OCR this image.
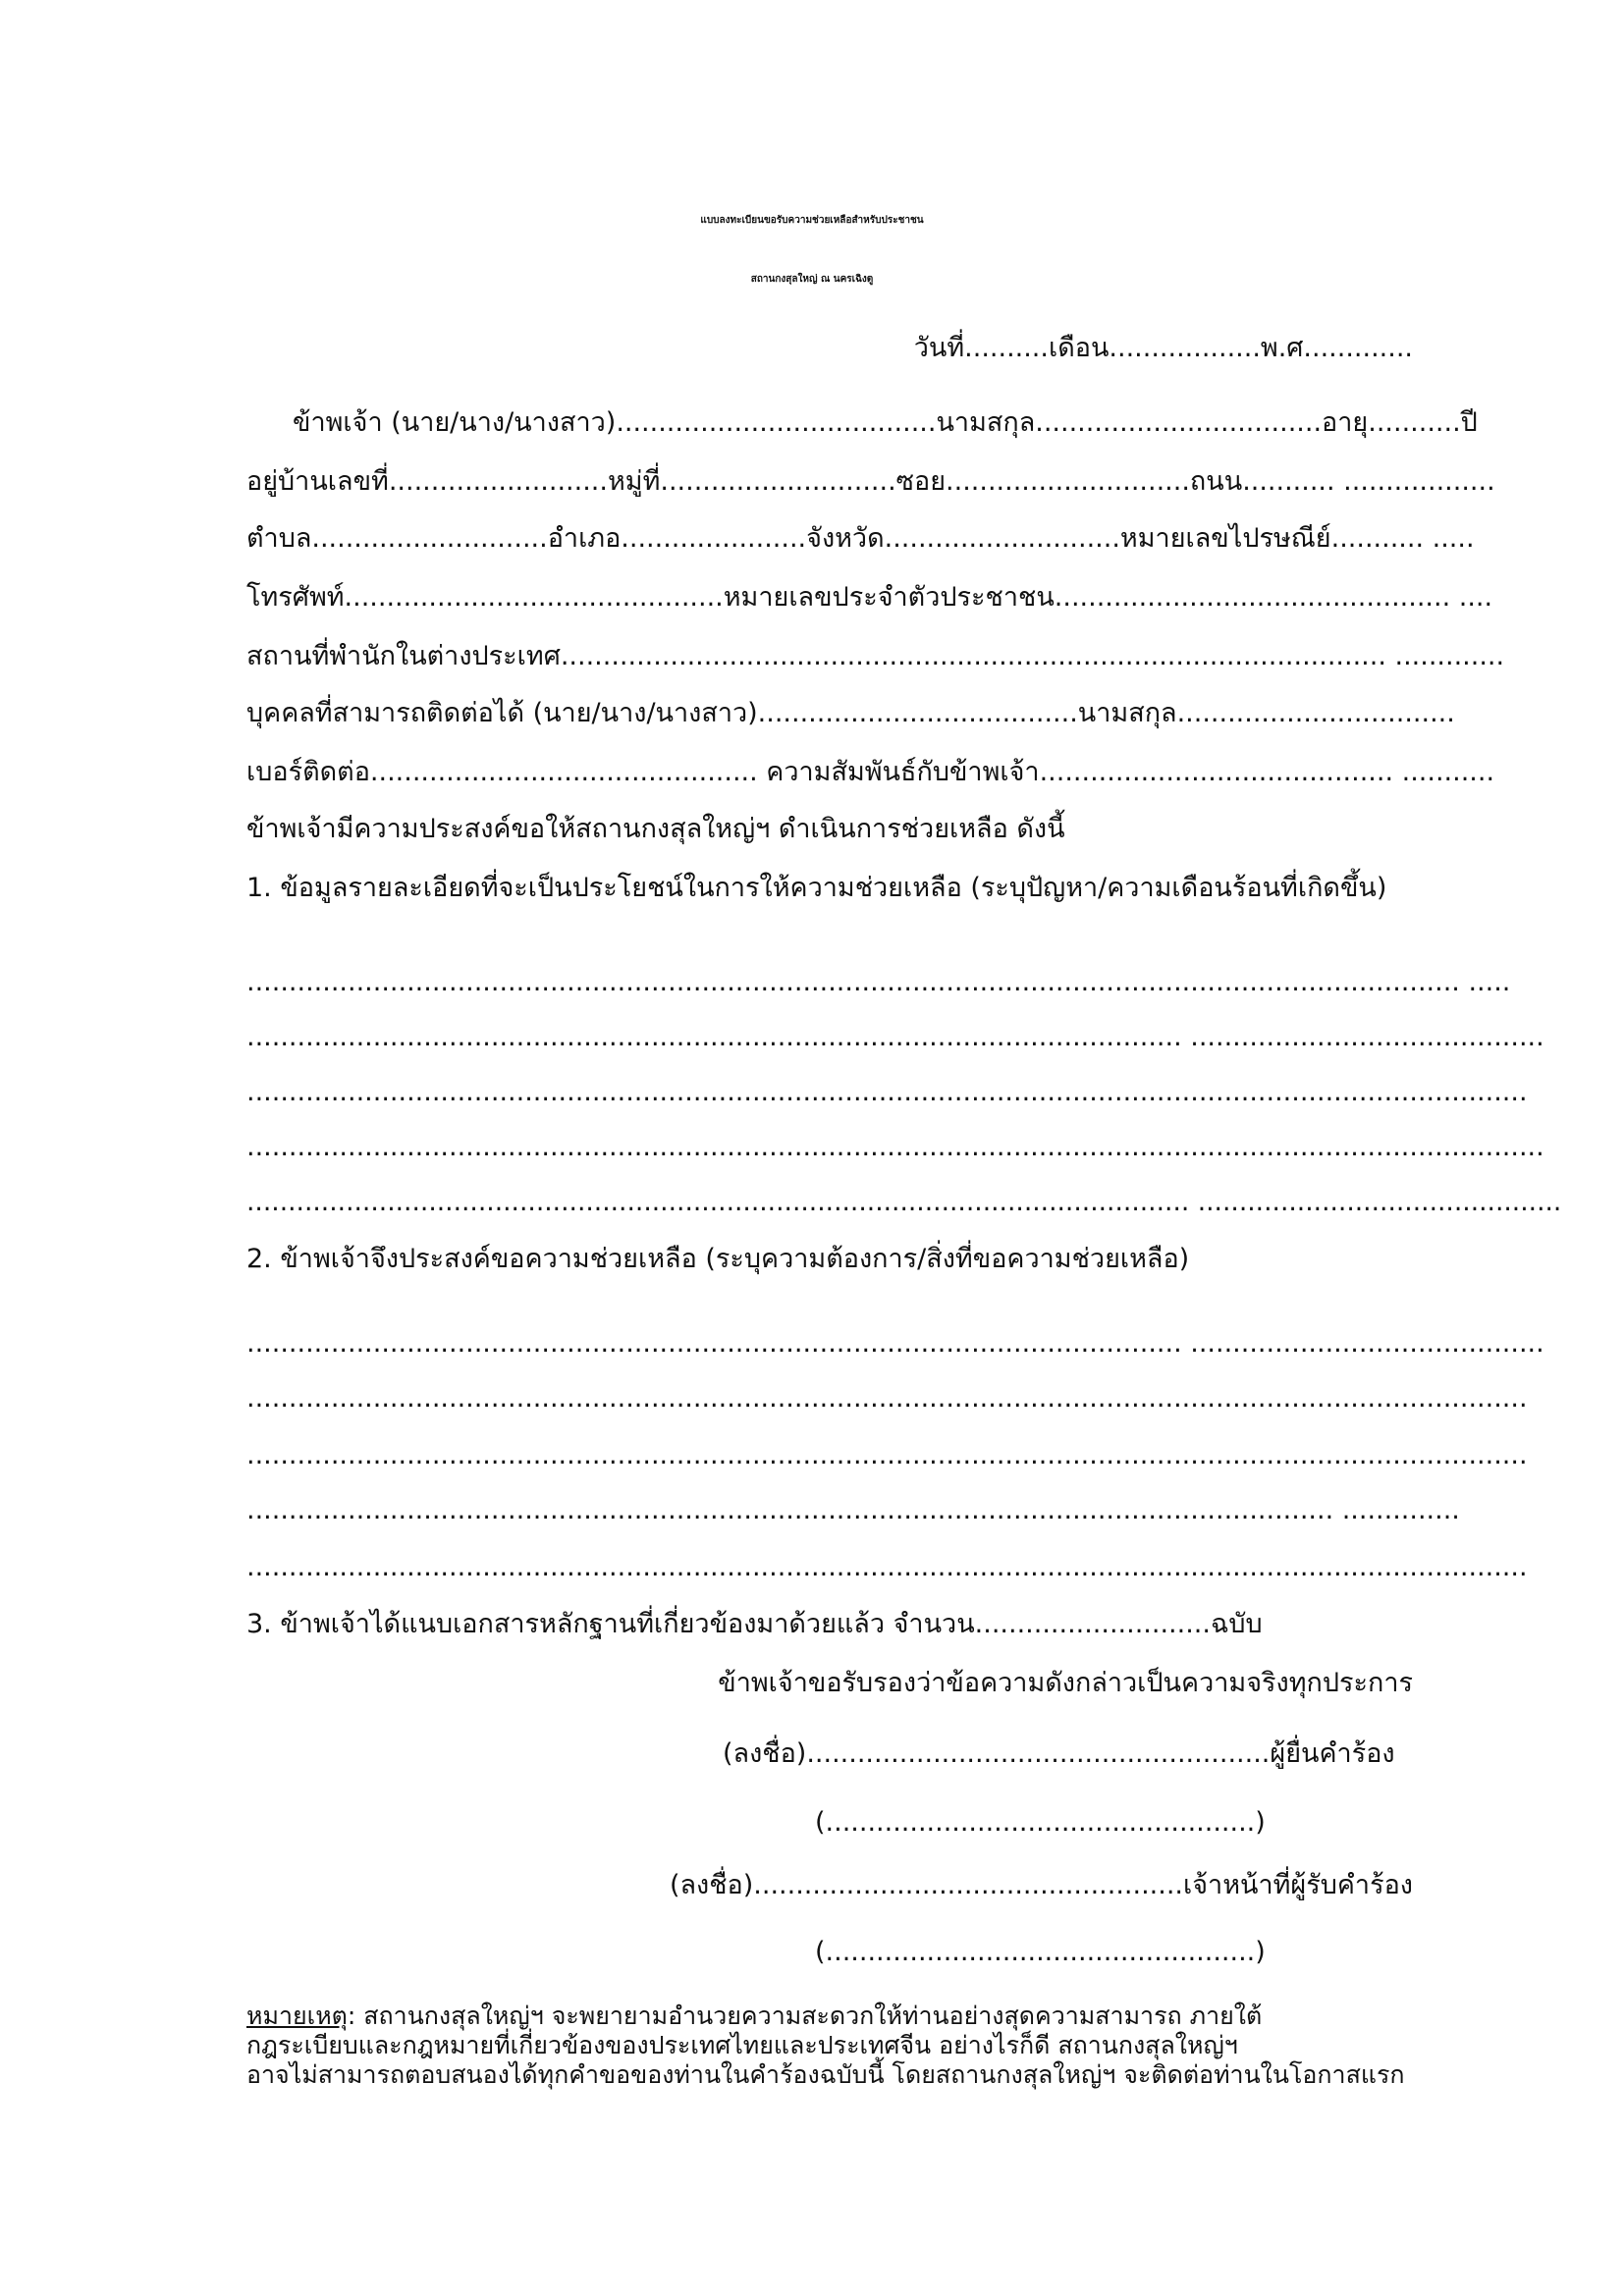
แบบลงทะเบียนขอรับความช่วยเหลือสำหรับประชาชน
สถานกงสุลใหญ่ ณ นครเฉิงตู
วันที่..........เดือน..................พ.ศ.............
ข้าพเจ้า (นาย/นาง/นางสาว)......................................นามสกุล..................................อายุ...........ปี
อยู่บ้านเลขที่..........................หมู่ที่............................ซอย.............................ถนน........... ..................
ตำบล............................อำเภอ......................จังหวัด............................หมายเลขไปรษณีย์........... .....
โทรศัพท์.............................................หมายเลขประจำตัวประชาชน............................................... ....
สถานที่พำนักในต่างประเทศ.................................................................................................. .............
บุคคลที่สามารถติดต่อได้ (นาย/นาง/นางสาว)......................................นามสกุล.................................
เบอร์ติดต่อ.............................................. ความสัมพันธ์กับข้าพเจ้า.......................................... ...........
ข้าพเจ้ามีความประสงค์ขอให้สถานกงสุลใหญ่ฯ ดำเนินการช่วยเหลือ ดังนี้
1. ข้อมูลรายละเอียดที่จะเป็นประโยชน์ในการให้ความช่วยเหลือ (ระบุปัญหา/ความเดือนร้อนที่เกิดขึ้น)
................................................................................................................................................ .....
............................................................................................................... ..........................................
........................................................................................................................................................
..........................................................................................................................................................
.................................................................................................................. ............................................
2. ข้าพเจ้าจึงประสงค์ขอความช่วยเหลือ (ระบุความต้องการ/สิ่งที่ขอความช่วยเหลือ)
............................................................................................................... ..........................................
........................................................................................................................................................
........................................................................................................................................................
................................................................................................................................. ..............
........................................................................................................................................................
3. ข้าพเจ้าได้แนบเอกสารหลักฐานที่เกี่ยวข้องมาด้วยแล้ว จำนวน............................ฉบับ
ข้าพเจ้าขอรับรองว่าข้อความดังกล่าวเป็นความจริงทุกประการ
(ลงชื่อ).......................................................ผู้ยื่นคำร้อง
(...................................................)
(ลงชื่อ)...................................................เจ้าหน้าที่ผู้รับคำร้อง
(...................................................)
หมายเหตุ: สถานกงสุลใหญ่ฯ จะพยายามอำนวยความสะดวกให้ท่านอย่างสุดความสามารถ ภายใต้
กฎระเบียบและกฎหมายที่เกี่ยวข้องของประเทศไทยและประเทศจีน อย่างไรก็ดี สถานกงสุลใหญ่ฯ
อาจไม่สามารถตอบสนองได้ทุกคำขอของท่านในคำร้องฉบับนี้ โดยสถานกงสุลใหญ่ฯ จะติดต่อท่านในโอกาสแรก
